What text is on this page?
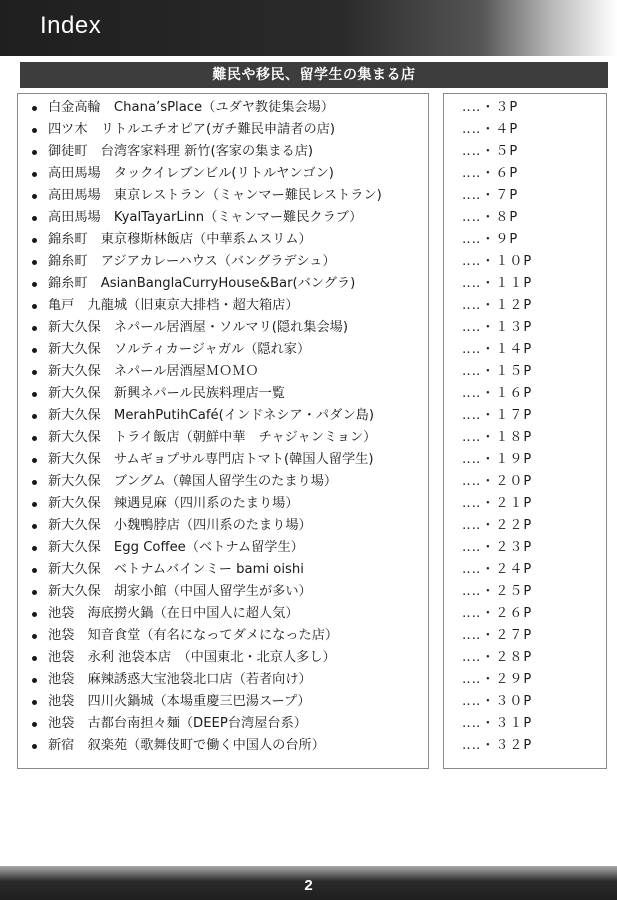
Index
難民や移民、留学生の集まる店
白金高輪　Chana’sPlace（ユダヤ教徒集会場）
四ツ木　リトルエチオピア(ガチ難民申請者の店)
御徒町　台湾客家料理 新竹(客家の集まる店)
高田馬場　タックイレブンビル(リトルヤンゴン)
高田馬場　東京レストラン（ミャンマー難民レストラン)
高田馬場　KyalTayarLinn（ミャンマー難民クラブ）
錦糸町　東京穆斯林飯店（中華系ムスリム）
錦糸町　アジアカレーハウス（バングラデシュ）
錦糸町　AsianBanglaCurryHouse&Bar(バングラ)
亀戸　九龍城（旧東京大排档・超大箱店）
新大久保　ネパール居酒屋・ソルマリ(隠れ集会場)
新大久保　ソルティカージャガル（隠れ家）
新大久保　ネパール居酒屋ＭＯＭＯ
新大久保　新興ネパール民族料理店一覧
新大久保　MerahPutihCafé(インドネシア・パダン島)
新大久保　トライ飯店（朝鮮中華　チャジャンミョン）
新大久保　サムギョプサル専門店トマト(韓国人留学生)
新大久保　ブングム（韓国人留学生のたまり場）
新大久保　辣遇見麻（四川系のたまり場）
新大久保　小魏鴨脖店（四川系のたまり場）
新大久保　Egg Coffee（ベトナム留学生）
新大久保　ベトナムバインミー bami oishi
新大久保　胡家小館（中国人留学生が多い）
池袋　海底撈火鍋（在日中国人に超人気）
池袋　知音食堂（有名になってダメになった店）
池袋　永利 池袋本店　（中国東北・北京人多し）
池袋　麻辣誘惑大宝池袋北口店（若者向け）
池袋　四川火鍋城（本場重慶三巴湯スープ）
池袋　古都台南担々麺（DEEP台湾屋台系）
新宿　叙楽苑（歌舞伎町で働く中国人の台所）
‥‥・３P
‥‥・４P
‥‥・５P
‥‥・６P
‥‥・７P
‥‥・８P
‥‥・９P
‥‥・１０P
‥‥・１１P
‥‥・１２P
‥‥・１３P
‥‥・１４P
‥‥・１５P
‥‥・１６P
‥‥・１７P
‥‥・１８P
‥‥・１９P
‥‥・２０P
‥‥・２１P
‥‥・２２P
‥‥・２３P
‥‥・２４P
‥‥・２５P
‥‥・２６P
‥‥・２７P
‥‥・２８P
‥‥・２９P
‥‥・３０P
‥‥・３１P
‥‥・３２P
2
